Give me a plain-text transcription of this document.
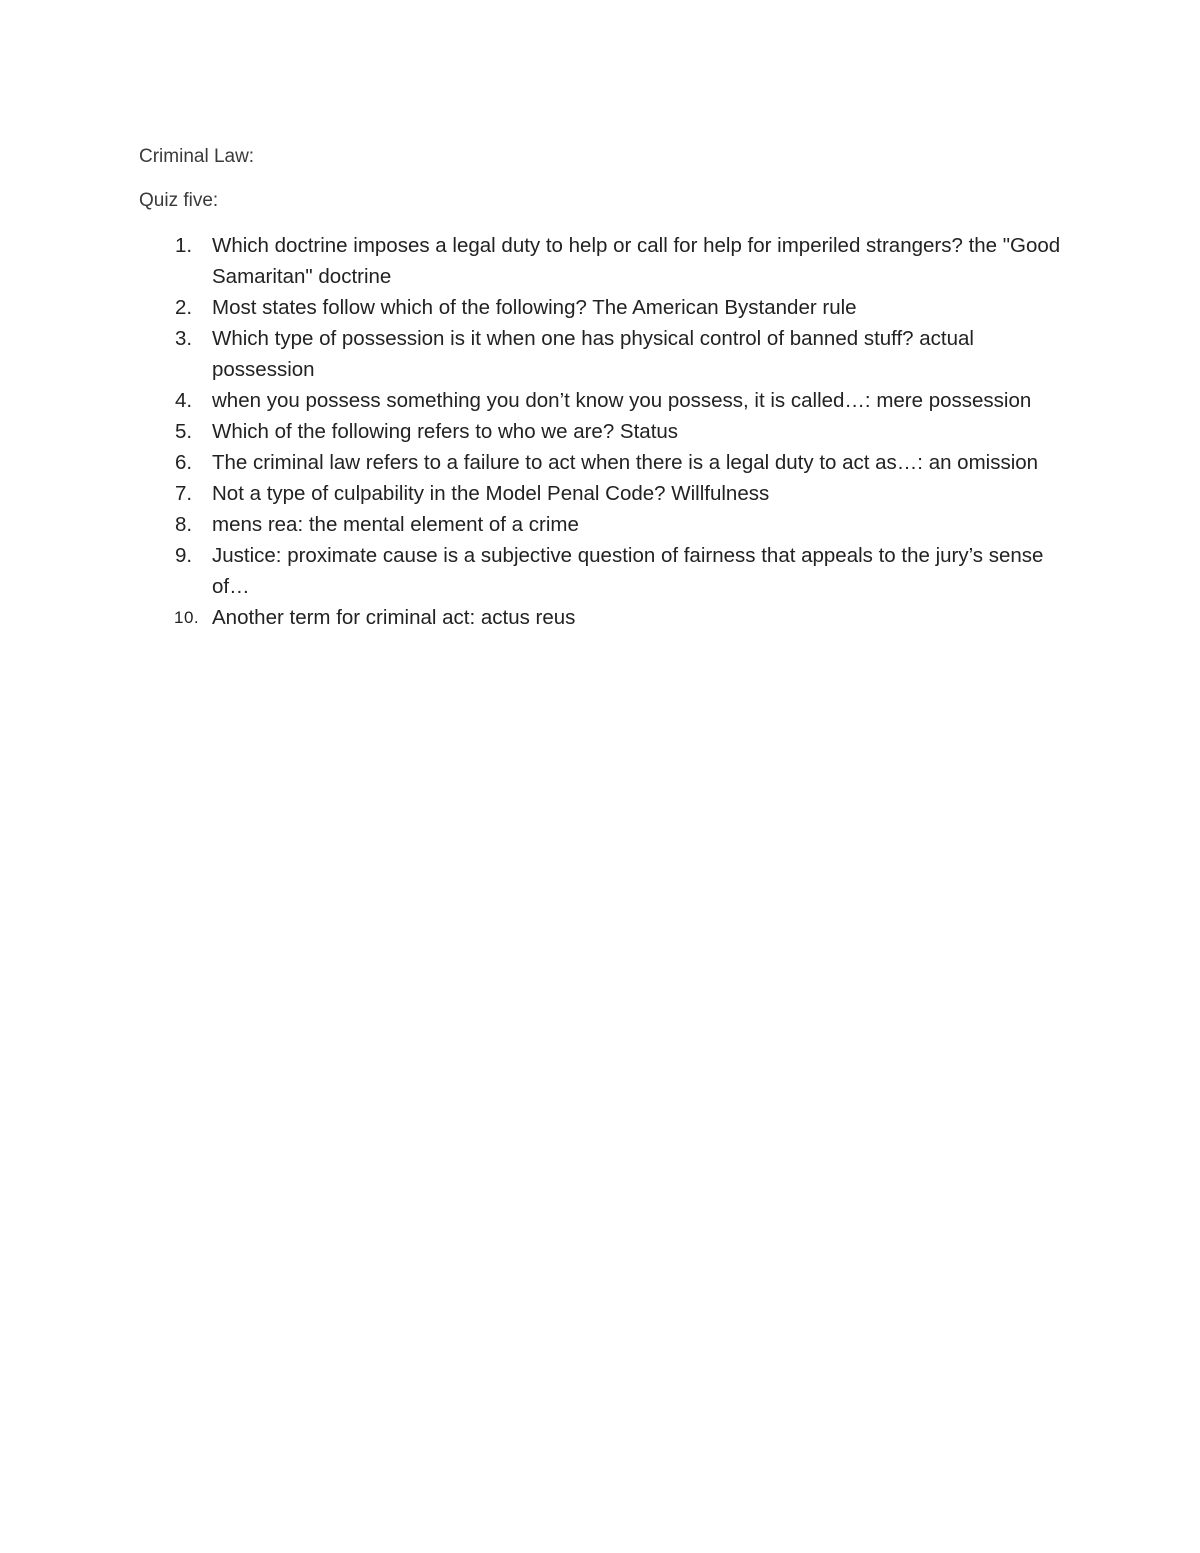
Criminal Law:

Quiz five:

1. Which doctrine imposes a legal duty to help or call for help for imperiled strangers? the "Good Samaritan" doctrine
2. Most states follow which of the following? The American Bystander rule
3. Which type of possession is it when one has physical control of banned stuff? actual possession
4. when you possess something you don’t know you possess, it is called…: mere possession
5. Which of the following refers to who we are? Status
6. The criminal law refers to a failure to act when there is a legal duty to act as…: an omission
7. Not a type of culpability in the Model Penal Code? Willfulness
8. mens rea: the mental element of a crime
9. Justice: proximate cause is a subjective question of fairness that appeals to the jury’s sense of…
10. Another term for criminal act: actus reus
